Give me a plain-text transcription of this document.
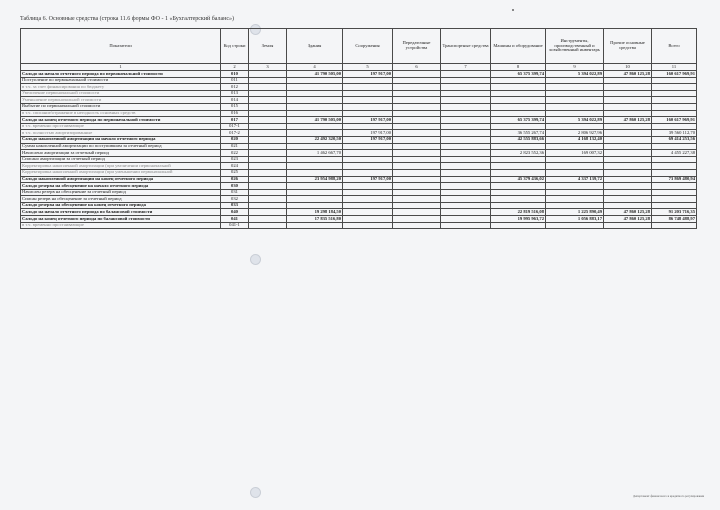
Таблица 6. Основные средства (строка 11.6 формы ФО - 1 «Бухгалтерский баланс»)
Показатели	Код строки	Земля	Здания	Сооружения	Передаточные устройства	Транспортные средства	Машины и оборудование	Инструменты, производственный и хозяйственный инвентарь	Прочие основные средства	Всего
1	2	3	4	5	6	7	8	9	10	11
Сальдо на начало отчетного периода по первоначальной стоимости	010		41 790 505,00	197 917,00			65 375 399,74	5 394 022,89	47 860 125,28	160 617 969,91
Поступление по первоначальной стоимости	011									
в т.ч. за счет финансирования по бюджету	012									
Увеличение первоначальной стоимости	013									
Уменьшение первоначальной стоимости	014									
Выбытие по первоначальной стоимости	015									
в т.ч. списание/отражение в негодность основных средств	016									
Сальдо на конец отчетного периода по первоначальной стоимости	017		41 790 505,00	197 917,00			65 375 399,74	5 394 022,89	47 860 125,28	160 617 969,91
в т.ч. временно простаивающие	017-1									
в т.ч. полностью амортизированные	017-2			197 917,00			36 555 267,74	2 806 927,96		39 560 112,70
Сальдо накопленной амортизации на начало отчетного периода	020		22 492 320,50	197 917,00			42 555 883,66	4 168 132,40		69 414 253,56
Сумма накопленной амортизации по поступившим за отчетный период	021									
Начислено амортизации за отчетный период	022		1 462 667,70				2 823 552,36	169 007,32		4 455 227,38
Списано амортизации за отчетный период	023									
Корректировка накопленной амортизации (при увеличении первоначальной	024									
Корректировка накопленной амортизации (при уменьшении первоначальной	025									
Сальдо накопленной амортизации на конец отчетного периода	026		23 954 988,20	197 917,00			45 379 436,02	4 337 139,72		73 869 480,94
Сальдо резерва на обесценение на начало отчетного периода	030									
Начислен резерв на обесценение за отчетный период	031									
Списан резерв на обесценение за отчетный период	032									
Сальдо резерва на обесценение на конец отчетного периода	033									
Сальдо на начало отчетного периода по балансовой стоимости	040		19 298 184,50				22 819 516,08	1 225 890,49	47 860 125,28	91 203 716,35
Сальдо на конец отчетного периода по балансовой стоимости	041		17 835 516,80				19 995 963,72	1 056 883,17	47 860 125,28	86 748 488,97
в т.ч. временно простаивающие	041-1									
Департамент финансового и кредитного регулирования
